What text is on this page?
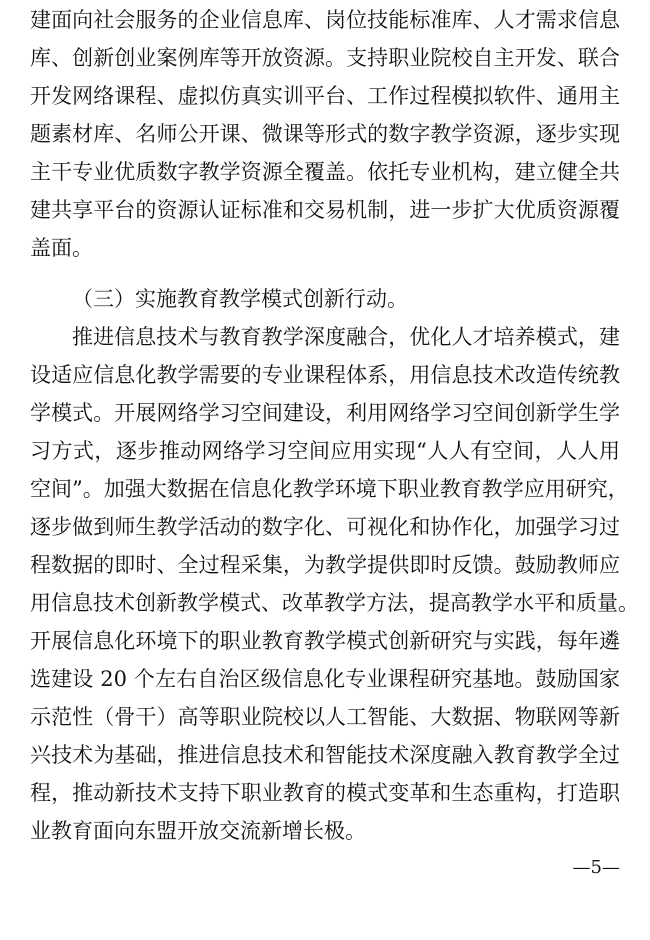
建面向社会服务的企业信息库、岗位技能标准库、人才需求信息
库、创新创业案例库等开放资源。支持职业院校自主开发、联合
开发网络课程、虚拟仿真实训平台、工作过程模拟软件、通用主
题素材库、名师公开课、微课等形式的数字教学资源，逐步实现
主干专业优质数字教学资源全覆盖。依托专业机构，建立健全共
建共享平台的资源认证标准和交易机制，进一步扩大优质资源覆
盖面。
（三）实施教育教学模式创新行动。
推进信息技术与教育教学深度融合，优化人才培养模式，建
设适应信息化教学需要的专业课程体系，用信息技术改造传统教
学模式。开展网络学习空间建设，利用网络学习空间创新学生学
习方式，逐步推动网络学习空间应用实现“人人有空间，人人用
空间”。加强大数据在信息化教学环境下职业教育教学应用研究，
逐步做到师生教学活动的数字化、可视化和协作化，加强学习过
程数据的即时、全过程采集，为教学提供即时反馈。鼓励教师应
用信息技术创新教学模式、改革教学方法，提高教学水平和质量。
开展信息化环境下的职业教育教学模式创新研究与实践，每年遴
选建设 20 个左右自治区级信息化专业课程研究基地。鼓励国家
示范性（骨干）高等职业院校以人工智能、大数据、物联网等新
兴技术为基础，推进信息技术和智能技术深度融入教育教学全过
程，推动新技术支持下职业教育的模式变革和生态重构，打造职
业教育面向东盟开放交流新增长极。
—5—
